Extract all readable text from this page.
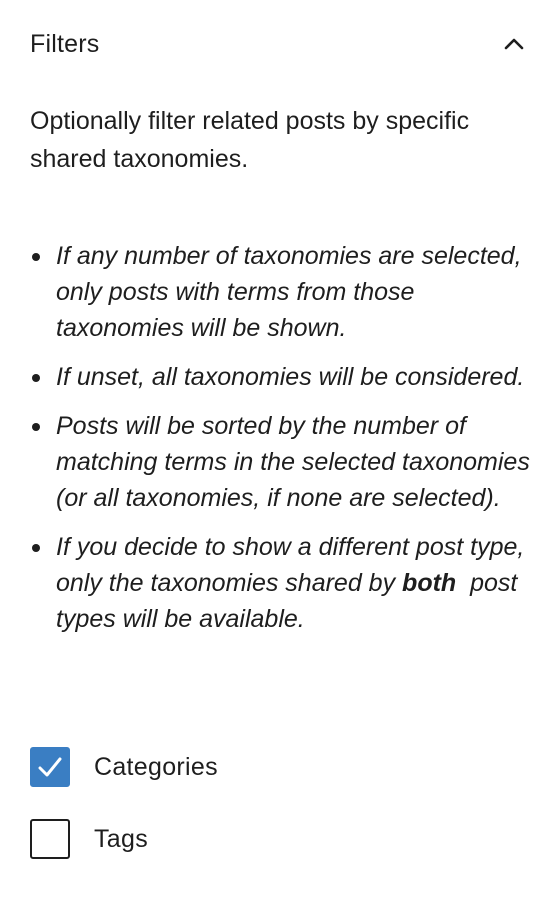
Filters

Optionally filter related posts by specific shared taxonomies.

If any number of taxonomies are selected, only posts with terms from those taxonomies will be shown.
If unset, all taxonomies will be considered.
Posts will be sorted by the number of matching terms in the selected taxonomies (or all taxonomies, if none are selected).
If you decide to show a different post type, only the taxonomies shared by both  post types will be available.
Categories
Tags
